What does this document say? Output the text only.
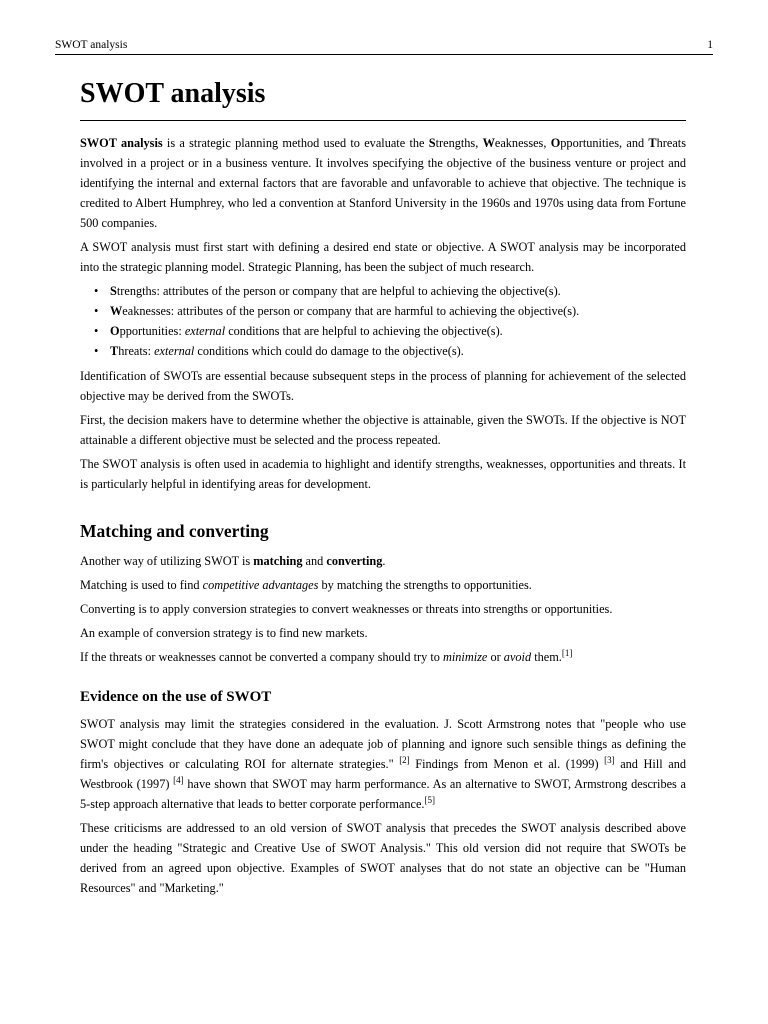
SWOT analysis	1
SWOT analysis

SWOT analysis is a strategic planning method used to evaluate the Strengths, Weaknesses, Opportunities, and Threats involved in a project or in a business venture. It involves specifying the objective of the business venture or project and identifying the internal and external factors that are favorable and unfavorable to achieve that objective. The technique is credited to Albert Humphrey, who led a convention at Stanford University in the 1960s and 1970s using data from Fortune 500 companies.

A SWOT analysis must first start with defining a desired end state or objective. A SWOT analysis may be incorporated into the strategic planning model. Strategic Planning, has been the subject of much research.

• Strengths: attributes of the person or company that are helpful to achieving the objective(s).
• Weaknesses: attributes of the person or company that are harmful to achieving the objective(s).
• Opportunities: external conditions that are helpful to achieving the objective(s).
• Threats: external conditions which could do damage to the objective(s).

Identification of SWOTs are essential because subsequent steps in the process of planning for achievement of the selected objective may be derived from the SWOTs.

First, the decision makers have to determine whether the objective is attainable, given the SWOTs. If the objective is NOT attainable a different objective must be selected and the process repeated.

The SWOT analysis is often used in academia to highlight and identify strengths, weaknesses, opportunities and threats. It is particularly helpful in identifying areas for development.

Matching and converting

Another way of utilizing SWOT is matching and converting.

Matching is used to find competitive advantages by matching the strengths to opportunities.

Converting is to apply conversion strategies to convert weaknesses or threats into strengths or opportunities.

An example of conversion strategy is to find new markets.

If the threats or weaknesses cannot be converted a company should try to minimize or avoid them.[1]

Evidence on the use of SWOT

SWOT analysis may limit the strategies considered in the evaluation. J. Scott Armstrong notes that "people who use SWOT might conclude that they have done an adequate job of planning and ignore such sensible things as defining the firm's objectives or calculating ROI for alternate strategies." [2] Findings from Menon et al. (1999) [3] and Hill and Westbrook (1997) [4] have shown that SWOT may harm performance. As an alternative to SWOT, Armstrong describes a 5-step approach alternative that leads to better corporate performance.[5]

These criticisms are addressed to an old version of SWOT analysis that precedes the SWOT analysis described above under the heading "Strategic and Creative Use of SWOT Analysis." This old version did not require that SWOTs be derived from an agreed upon objective. Examples of SWOT analyses that do not state an objective can be "Human Resources" and "Marketing."
